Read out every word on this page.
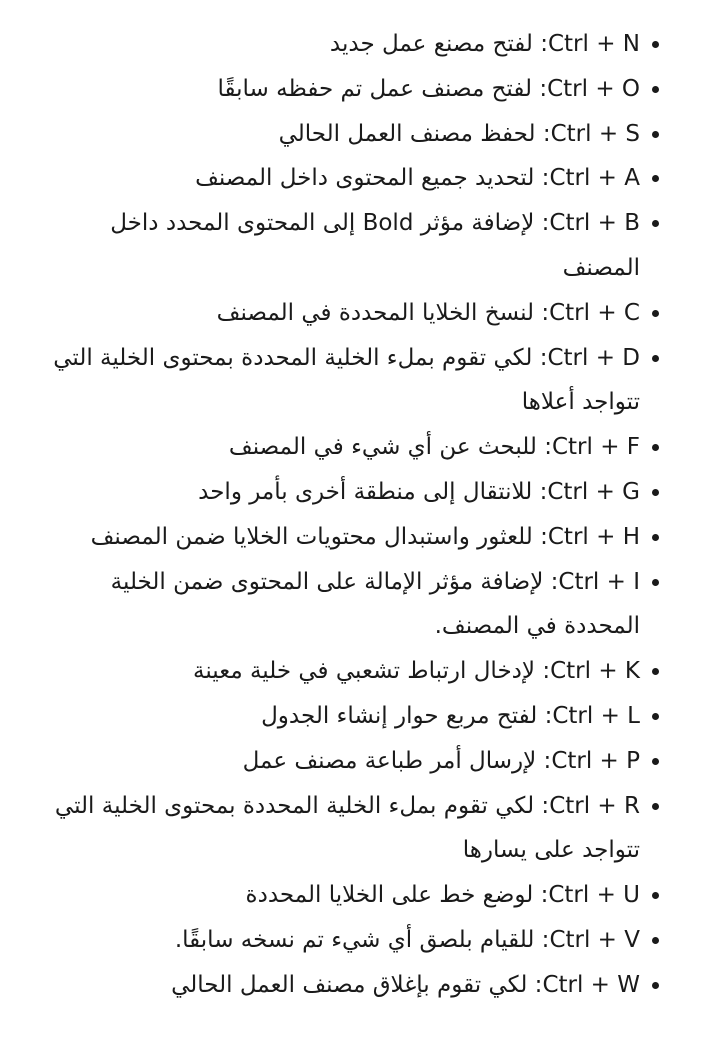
Ctrl + N: لفتح مصنع عمل جديد
Ctrl + O: لفتح مصنف عمل تم حفظه سابقًا
Ctrl + S: لحفظ مصنف العمل الحالي
Ctrl + A: لتحديد جميع المحتوى داخل المصنف
Ctrl + B: لإضافة مؤثر Bold إلى المحتوى المحدد داخل المصنف
Ctrl + C: لنسخ الخلايا المحددة في المصنف
Ctrl + D: لكي تقوم بملء الخلية المحددة بمحتوى الخلية التي تتواجد أعلاها
Ctrl + F: للبحث عن أي شيء في المصنف
Ctrl + G: للانتقال إلى منطقة أخرى بأمر واحد
Ctrl + H: للعثور واستبدال محتويات الخلايا ضمن المصنف
Ctrl + I: لإضافة مؤثر الإمالة على المحتوى ضمن الخلية المحددة في المصنف.
Ctrl + K: لإدخال ارتباط تشعبي في خلية معينة
Ctrl + L: لفتح مربع حوار إنشاء الجدول
Ctrl + P: لإرسال أمر طباعة مصنف عمل
Ctrl + R: لكي تقوم بملء الخلية المحددة بمحتوى الخلية التي تتواجد على يسارها
Ctrl + U: لوضع خط على الخلايا المحددة
Ctrl + V: للقيام بلصق أي شيء تم نسخه سابقًا.
Ctrl + W: لكي تقوم بإغلاق مصنف العمل الحالي
